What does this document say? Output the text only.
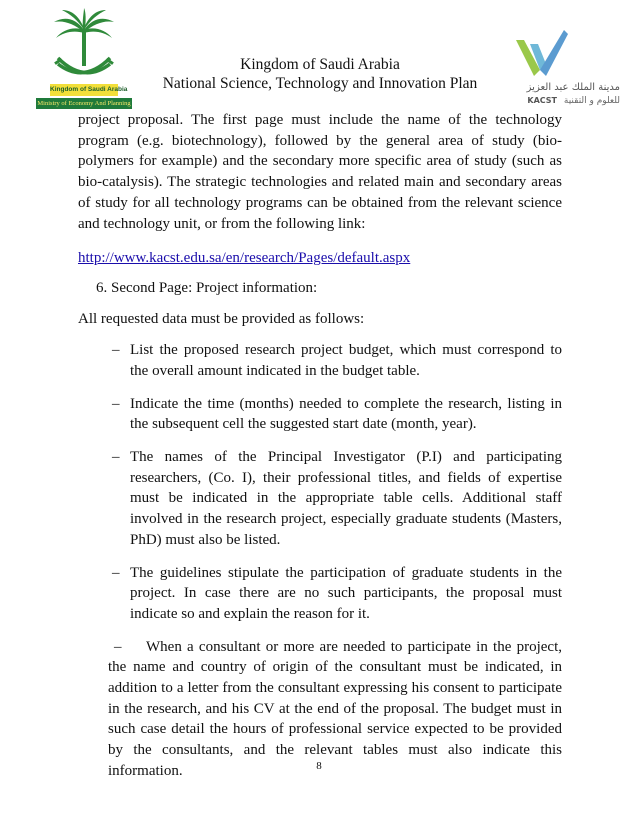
Kingdom of Saudi Arabia
Ministry of Economy And Planning
Kingdom of Saudi Arabia
National Science, Technology and Innovation Plan	مدينة الملك عبد العزيز
KACST للعلوم و التقنية

project proposal. The first page must include the name of the technology program (e.g. biotechnology), followed by the general area of study (bio-polymers for example) and the secondary more specific area of study (such as bio-catalysis). The strategic technologies and related main and secondary areas of study for all technology programs can be obtained from the relevant science and technology unit, or from the following link:

http://www.kacst.edu.sa/en/research/Pages/default.aspx
6. Second Page: Project information:
All requested data must be provided as follows:
– List the proposed research project budget, which must correspond to the overall amount indicated in the budget table.
– Indicate the time (months) needed to complete the research, listing in the subsequent cell the suggested start date (month, year).
– The names of the Principal Investigator (P.I) and participating researchers, (Co. I), their professional titles, and fields of expertise must be indicated in the appropriate table cells. Additional staff involved in the research project, especially graduate students (Masters, PhD) must also be listed.
– The guidelines stipulate the participation of graduate students in the project. In case there are no such participants, the proposal must indicate so and explain the reason for it.
– When a consultant or more are needed to participate in the project, the name and country of origin of the consultant must be indicated, in addition to a letter from the consultant expressing his consent to participate in the research, and his CV at the end of the proposal. The budget must in such case detail the hours of professional service expected to be provided by the consultants, and the relevant tables must also indicate this information.	8
